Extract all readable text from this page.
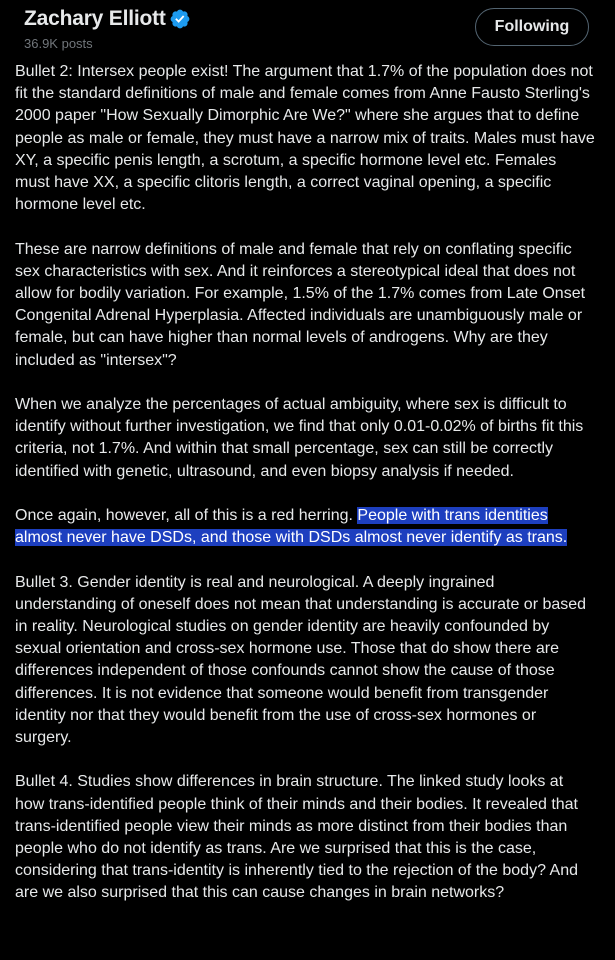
Zachary Elliott
36.9K posts
Following

Bullet 2: Intersex people exist! The argument that 1.7% of the population does not fit the standard definitions of male and female comes from Anne Fausto Sterling's 2000 paper "How Sexually Dimorphic Are We?" where she argues that to define people as male or female, they must have a narrow mix of traits. Males must have XY, a specific penis length, a scrotum, a specific hormone level etc. Females must have XX, a specific clitoris length, a correct vaginal opening, a specific hormone level etc.

These are narrow definitions of male and female that rely on conflating specific sex characteristics with sex. And it reinforces a stereotypical ideal that does not allow for bodily variation. For example, 1.5% of the 1.7% comes from Late Onset Congenital Adrenal Hyperplasia. Affected individuals are unambiguously male or female, but can have higher than normal levels of androgens. Why are they included as "intersex"?

When we analyze the percentages of actual ambiguity, where sex is difficult to identify without further investigation, we find that only 0.01-0.02% of births fit this criteria, not 1.7%. And within that small percentage, sex can still be correctly identified with genetic, ultrasound, and even biopsy analysis if needed.

Once again, however, all of this is a red herring. People with trans identities almost never have DSDs, and those with DSDs almost never identify as trans.

Bullet 3. Gender identity is real and neurological. A deeply ingrained understanding of oneself does not mean that understanding is accurate or based in reality. Neurological studies on gender identity are heavily confounded by sexual orientation and cross-sex hormone use. Those that do show there are differences independent of those confounds cannot show the cause of those differences. It is not evidence that someone would benefit from transgender identity nor that they would benefit from the use of cross-sex hormones or surgery.

Bullet 4. Studies show differences in brain structure. The linked study looks at how trans-identified people think of their minds and their bodies. It revealed that trans-identified people view their minds as more distinct from their bodies than people who do not identify as trans. Are we surprised that this is the case, considering that trans-identity is inherently tied to the rejection of the body? And are we also surprised that this can cause changes in brain networks?
